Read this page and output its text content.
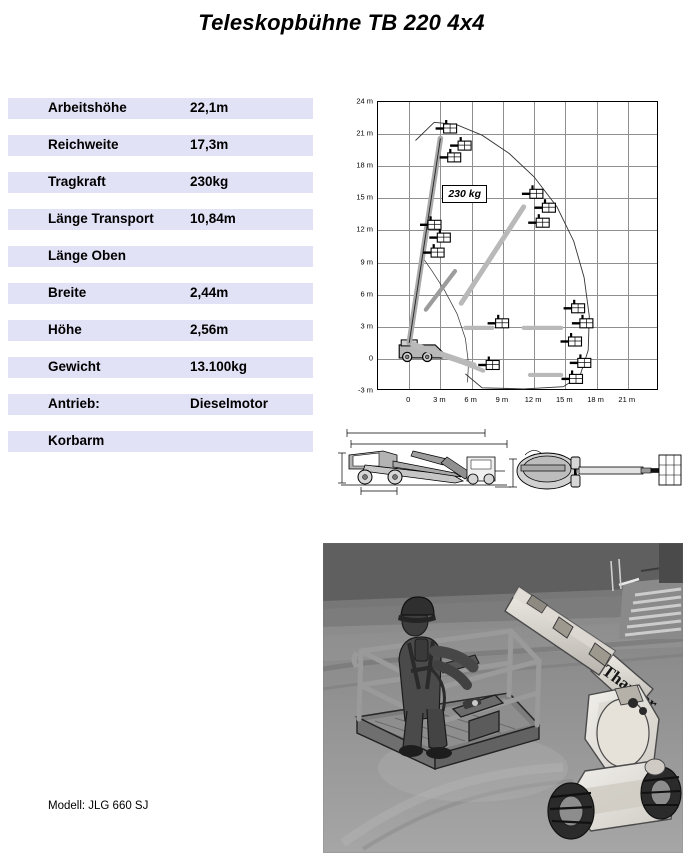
Teleskopbühne TB 220 4x4
Arbeitshöhe	22,1m
Reichweite	17,3m
Tragkraft	230kg
Länge Transport	10,84m
Länge Oben
Breite	2,44m
Höhe	2,56m
Gewicht	13.100kg
Antrieb:	Dieselmotor
Korbarm
230 kg
24 m
21 m
18 m
15 m
12 m
9 m
6 m
3 m
0
-3 m
0	3 m	6 m	9 m	12 m	15 m	18 m	21 m
Modell: JLG 660 SJ
